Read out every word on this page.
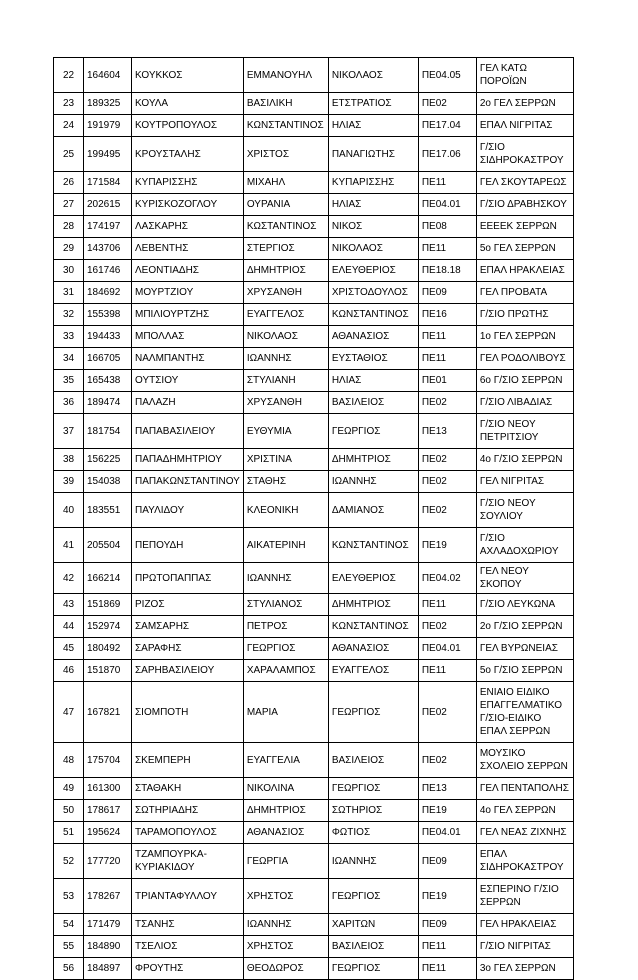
22	164604	ΚΟΥΚΚΟΣ	ΕΜΜΑΝΟΥΗΛ	ΝΙΚΟΛΑΟΣ	ΠΕ04.05	ΓΕΛ ΚΑΤΩ ΠΟΡΟΪΩΝ
23	189325	ΚΟΥΛΑ	ΒΑΣΙΛΙΚΗ	ΕΤΣΤΡΑΤΙΟΣ	ΠΕ02	2ο ΓΕΛ ΣΕΡΡΩΝ
24	191979	ΚΟΥΤΡΟΠΟΥΛΟΣ	ΚΩΝΣΤΑΝΤΙΝΟΣ	ΗΛΙΑΣ	ΠΕ17.04	ΕΠΑΛ ΝΙΓΡΙΤΑΣ
25	199495	ΚΡΟΥΣΤΑΛΗΣ	ΧΡΙΣΤΟΣ	ΠΑΝΑΓΙΩΤΗΣ	ΠΕ17.06	Γ/ΣΙΟ ΣΙΔΗΡΟΚΑΣΤΡΟΥ
26	171584	ΚΥΠΑΡΙΣΣΗΣ	ΜΙΧΑΗΛ	ΚΥΠΑΡΙΣΣΗΣ	ΠΕ11	ΓΕΛ ΣΚΟΥΤΑΡΕΩΣ
27	202615	ΚΥΡΙΣΚΟΖΟΓΛΟΥ	ΟΥΡΑΝΙΑ	ΗΛΙΑΣ	ΠΕ04.01	Γ/ΣΙΟ ΔΡΑΒΗΣΚΟΥ
28	174197	ΛΑΣΚΑΡΗΣ	ΚΩΣΤΑΝΤΙΝΟΣ	ΝΙΚΟΣ	ΠΕ08	ΕΕΕΕΚ ΣΕΡΡΩΝ
29	143706	ΛΕΒΕΝΤΗΣ	ΣΤΕΡΓΙΟΣ	ΝΙΚΟΛΑΟΣ	ΠΕ11	5ο ΓΕΛ ΣΕΡΡΩΝ
30	161746	ΛΕΟΝΤΙΑΔΗΣ	ΔΗΜΗΤΡΙΟΣ	ΕΛΕΥΘΕΡΙΟΣ	ΠΕ18.18	ΕΠΑΛ ΗΡΑΚΛΕΙΑΣ
31	184692	ΜΟΥΡΤΖΙΟΥ	ΧΡΥΣΑΝΘΗ	ΧΡΙΣΤΟΔΟΥΛΟΣ	ΠΕ09	ΓΕΛ ΠΡΟΒΑΤΑ
32	155398	ΜΠΙΛΙΟΥΡΤΖΗΣ	ΕΥΑΓΓΕΛΟΣ	ΚΩΝΣΤΑΝΤΙΝΟΣ	ΠΕ16	Γ/ΣΙΟ ΠΡΩΤΗΣ
33	194433	ΜΠΟΛΛΑΣ	ΝΙΚΟΛΑΟΣ	ΑΘΑΝΑΣΙΟΣ	ΠΕ11	1ο ΓΕΛ ΣΕΡΡΩΝ
34	166705	ΝΑΛΜΠΑΝΤΗΣ	ΙΩΑΝΝΗΣ	ΕΥΣΤΑΘΙΟΣ	ΠΕ11	ΓΕΛ ΡΟΔΟΛΙΒΟΥΣ
35	165438	ΟΥΤΣΙΟΥ	ΣΤΥΛΙΑΝΗ	ΗΛΙΑΣ	ΠΕ01	6ο Γ/ΣΙΟ ΣΕΡΡΩΝ
36	189474	ΠΑΛΑΖΗ	ΧΡΥΣΑΝΘΗ	ΒΑΣΙΛΕΙΟΣ	ΠΕ02	Γ/ΣΙΟ ΛΙΒΑΔΙΑΣ
37	181754	ΠΑΠΑΒΑΣΙΛΕΙΟΥ	ΕΥΘΥΜΙΑ	ΓΕΩΡΓΙΟΣ	ΠΕ13	Γ/ΣΙΟ ΝΕΟΥ ΠΕΤΡΙΤΣΙΟΥ
38	156225	ΠΑΠΑΔΗΜΗΤΡΙΟΥ	ΧΡΙΣΤΙΝΑ	ΔΗΜΗΤΡΙΟΣ	ΠΕ02	4ο Γ/ΣΙΟ ΣΕΡΡΩΝ
39	154038	ΠΑΠΑΚΩΝΣΤΑΝΤΙΝΟΥ	ΣΤΑΘΗΣ	ΙΩΑΝΝΗΣ	ΠΕ02	ΓΕΛ ΝΙΓΡΙΤΑΣ
40	183551	ΠΑΥΛΙΔΟΥ	ΚΛΕΟΝΙΚΗ	ΔΑΜΙΑΝΟΣ	ΠΕ02	Γ/ΣΙΟ ΝΕΟΥ ΣΟΥΛΙΟΥ
41	205504	ΠΕΠΟΥΔΗ	ΑΙΚΑΤΕΡΙΝΗ	ΚΩΝΣΤΑΝΤΙΝΟΣ	ΠΕ19	Γ/ΣΙΟ ΑΧΛΑΔΟΧΩΡΙΟΥ
42	166214	ΠΡΩΤΟΠΑΠΠΑΣ	ΙΩΑΝΝΗΣ	ΕΛΕΥΘΕΡΙΟΣ	ΠΕ04.02	ΓΕΛ ΝΕΟΥ ΣΚΟΠΟΥ
43	151869	ΡΙΖΟΣ	ΣΤΥΛΙΑΝΟΣ	ΔΗΜΗΤΡΙΟΣ	ΠΕ11	Γ/ΣΙΟ ΛΕΥΚΩΝΑ
44	152974	ΣΑΜΣΑΡΗΣ	ΠΕΤΡΟΣ	ΚΩΝΣΤΑΝΤΙΝΟΣ	ΠΕ02	2ο Γ/ΣΙΟ ΣΕΡΡΩΝ
45	180492	ΣΑΡΑΦΗΣ	ΓΕΩΡΓΙΟΣ	ΑΘΑΝΑΣΙΟΣ	ΠΕ04.01	ΓΕΛ ΒΥΡΩΝΕΙΑΣ
46	151870	ΣΑΡΗΒΑΣΙΛΕΙΟΥ	ΧΑΡΑΛΑΜΠΟΣ	ΕΥΑΓΓΕΛΟΣ	ΠΕ11	5ο Γ/ΣΙΟ ΣΕΡΡΩΝ
47	167821	ΣΙΟΜΠΟΤΗ	ΜΑΡΙΑ	ΓΕΩΡΓΙΟΣ	ΠΕ02	ΕΝΙΑΙΟ ΕΙΔΙΚΟ ΕΠΑΓΓΕΛΜΑΤΙΚΟ Γ/ΣΙΟ-ΕΙΔΙΚΟ ΕΠΑΛ ΣΕΡΡΩΝ
48	175704	ΣΚΕΜΠΕΡΗ	ΕΥΑΓΓΕΛΙΑ	ΒΑΣΙΛΕΙΟΣ	ΠΕ02	ΜΟΥΣΙΚΟ ΣΧΟΛΕΙΟ ΣΕΡΡΩΝ
49	161300	ΣΤΑΘΑΚΗ	ΝΙΚΟΛΙΝΑ	ΓΕΩΡΓΙΟΣ	ΠΕ13	ΓΕΛ ΠΕΝΤΑΠΟΛΗΣ
50	178617	ΣΩΤΗΡΙΑΔΗΣ	ΔΗΜΗΤΡΙΟΣ	ΣΩΤΗΡΙΟΣ	ΠΕ19	4ο ΓΕΛ ΣΕΡΡΩΝ
51	195624	ΤΑΡΑΜΟΠΟΥΛΟΣ	ΑΘΑΝΑΣΙΟΣ	ΦΩΤΙΟΣ	ΠΕ04.01	ΓΕΛ ΝΕΑΣ ΖΙΧΝΗΣ
52	177720	ΤΖΑΜΠΟΥΡΚΑ-ΚΥΡΙΑΚΙΔΟΥ	ΓΕΩΡΓΙΑ	ΙΩΑΝΝΗΣ	ΠΕ09	ΕΠΑΛ ΣΙΔΗΡΟΚΑΣΤΡΟΥ
53	178267	ΤΡΙΑΝΤΑΦΥΛΛΟΥ	ΧΡΗΣΤΟΣ	ΓΕΩΡΓΙΟΣ	ΠΕ19	ΕΣΠΕΡΙΝΟ Γ/ΣΙΟ ΣΕΡΡΩΝ
54	171479	ΤΣΑΝΗΣ	ΙΩΑΝΝΗΣ	ΧΑΡΙΤΩΝ	ΠΕ09	ΓΕΛ ΗΡΑΚΛΕΙΑΣ
55	184890	ΤΣΕΛΙΟΣ	ΧΡΗΣΤΟΣ	ΒΑΣΙΛΕΙΟΣ	ΠΕ11	Γ/ΣΙΟ ΝΙΓΡΙΤΑΣ
56	184897	ΦΡΟΥΤΗΣ	ΘΕΟΔΩΡΟΣ	ΓΕΩΡΓΙΟΣ	ΠΕ11	3ο ΓΕΛ ΣΕΡΡΩΝ
